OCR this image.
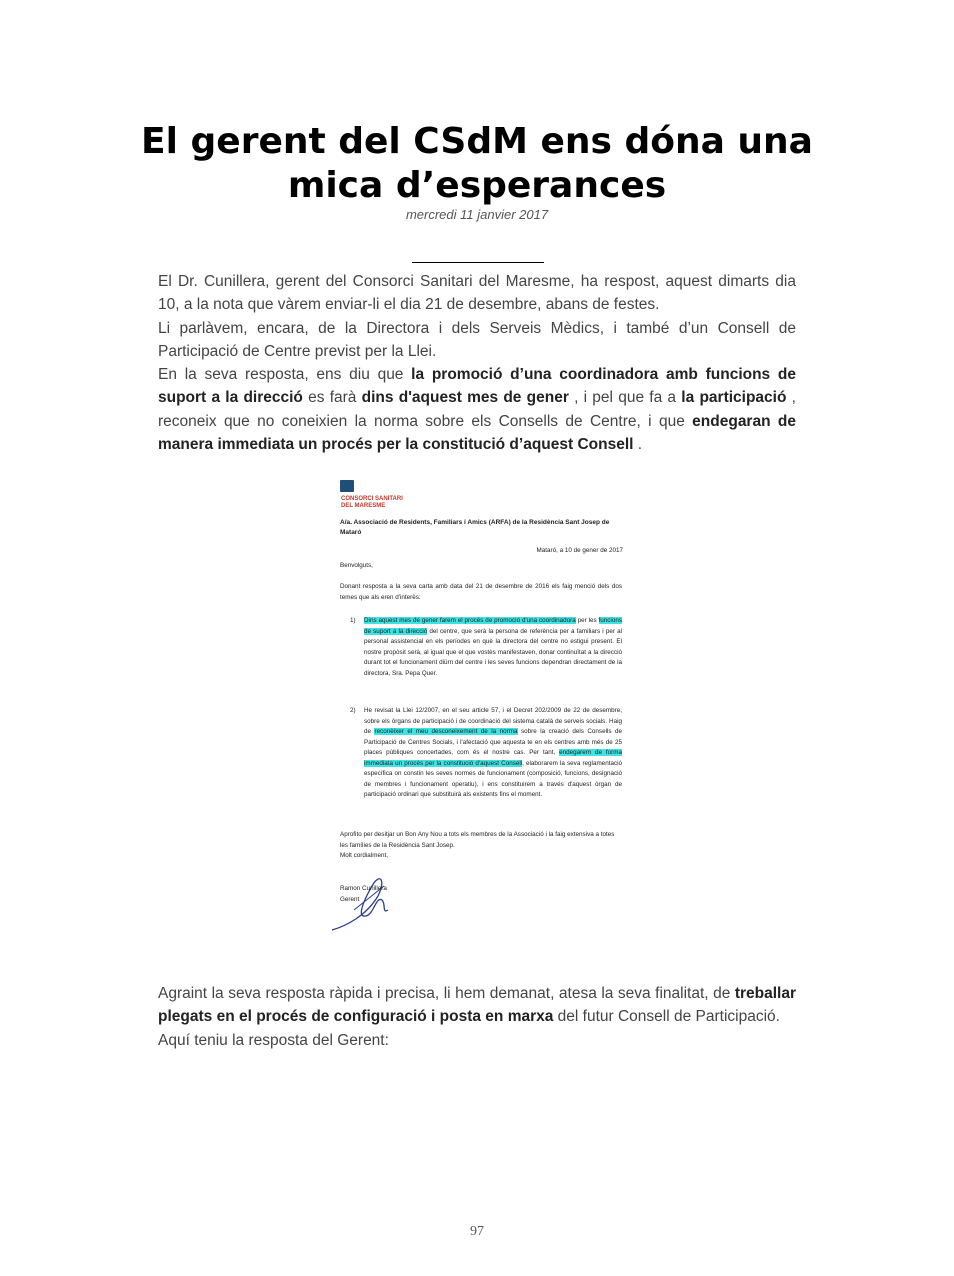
El gerent del CSdM ens dóna una mica d’esperances
mercredi 11 janvier 2017

El Dr. Cunillera, gerent del Consorci Sanitari del Maresme, ha respost, aquest dimarts dia 10, a la nota que vàrem enviar-li el dia 21 de desembre, abans de festes.

Li parlàvem, encara, de la Directora i dels Serveis Mèdics, i també d’un Consell de Participació de Centre previst per la Llei.

En la seva resposta, ens diu que la promoció d’una coordinadora amb funcions de suport a la direcció es farà dins d'aquest mes de gener , i pel que fa a la participació , reconeix que no coneixien la norma sobre els Consells de Centre, i que endegaran de manera immediata un procés per la constitució d’aquest Consell .

CONSORCI SANITARI
DEL MARESME
A/a. Associació de Residents, Familiars i Amics (ARFA) de la Residència Sant Josep de Mataró
Mataró, a 10 de gener de 2017
Benvolguts,
Donant resposta a la seva carta amb data del 21 de desembre de 2016 els faig menció dels dos temes que als eren d'interès:
1) Dins aquest mes de gener farem el procés de promoció d'una coordinadora per les funcions de suport a la direcció del centre, que serà la persona de referència per a familiars i per al personal assistencial en els períodes en què la directora del centre no estigui present. El nostre propòsit serà, al igual que el que vostès manifestaven, donar continuïtat a la direcció durant tot el funcionament diürn del centre i les seves funcions dependran directament de la directora, Sra. Pepa Quer.
2) He revisat la Llei 12/2007, en el seu article 57, i el Decret 202/2009 de 22 de desembre, sobre els òrgans de participació i de coordinació del sistema català de serveis socials. Haig de reconèixer el meu desconeixement de la norma sobre la creació dels Consells de Participació de Centres Socials, i l'afectació que aquesta te en els centres amb més de 25 places públiques concertades, com és el nostre cas. Per tant, endegarem de forma immediata un procés per la constitució d'aquest Consell, elaborarem la seva reglamentació específica on constin les seves normes de funcionament (composició, funcions, designació de membres i funcionament operatiu), i ens constituirem a través d'aquest òrgan de participació ordinari que substituirà als existents fins el moment.
Aprofito per desitjar un Bon Any Nou a tots els membres de la Associació i la faig extensiva a totes les famílies de la Residència Sant Josep.
Molt cordialment,
Ramon Cunillera
Gerent

Agraint la seva resposta ràpida i precisa, li hem demanat, atesa la seva finalitat, de treballar plegats en el procés de configuració i posta en marxa del futur Consell de Participació.

Aquí teniu la resposta del Gerent:

97
